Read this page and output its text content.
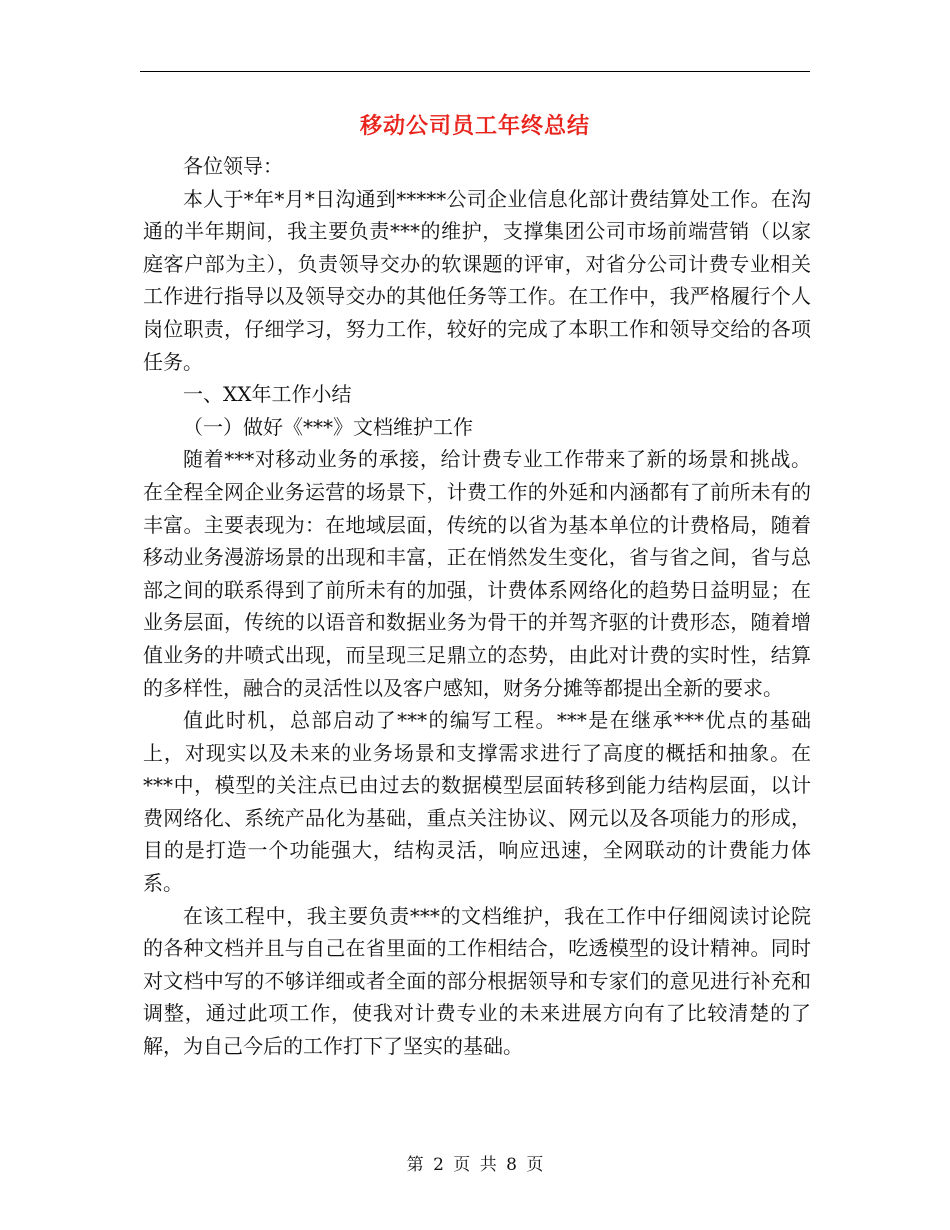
移动公司员工年终总结

各位领导：

本人于*年*月*日沟通到*****公司企业信息化部计费结算处工作。在沟通的半年期间，我主要负责***的维护，支撑集团公司市场前端营销（以家庭客户部为主），负责领导交办的软课题的评审，对省分公司计费专业相关工作进行指导以及领导交办的其他任务等工作。在工作中，我严格履行个人岗位职责，仔细学习，努力工作，较好的完成了本职工作和领导交给的各项任务。

一、XX年工作小结

（一）做好《***》文档维护工作

随着***对移动业务的承接，给计费专业工作带来了新的场景和挑战。在全程全网企业务运营的场景下，计费工作的外延和内涵都有了前所未有的丰富。主要表现为：在地域层面，传统的以省为基本单位的计费格局，随着移动业务漫游场景的出现和丰富，正在悄然发生变化，省与省之间，省与总部之间的联系得到了前所未有的加强，计费体系网络化的趋势日益明显；在业务层面，传统的以语音和数据业务为骨干的并驾齐驱的计费形态，随着增值业务的井喷式出现，而呈现三足鼎立的态势，由此对计费的实时性，结算的多样性，融合的灵活性以及客户感知，财务分摊等都提出全新的要求。

值此时机，总部启动了***的编写工程。***是在继承***优点的基础上，对现实以及未来的业务场景和支撑需求进行了高度的概括和抽象。在***中，模型的关注点已由过去的数据模型层面转移到能力结构层面，以计费网络化、系统产品化为基础，重点关注协议、网元以及各项能力的形成，目的是打造一个功能强大，结构灵活，响应迅速，全网联动的计费能力体系。

在该工程中，我主要负责***的文档维护，我在工作中仔细阅读讨论院的各种文档并且与自己在省里面的工作相结合，吃透模型的设计精神。同时对文档中写的不够详细或者全面的部分根据领导和专家们的意见进行补充和调整，通过此项工作，使我对计费专业的未来进展方向有了比较清楚的了解，为自己今后的工作打下了坚实的基础。

第 2 页 共 8 页
